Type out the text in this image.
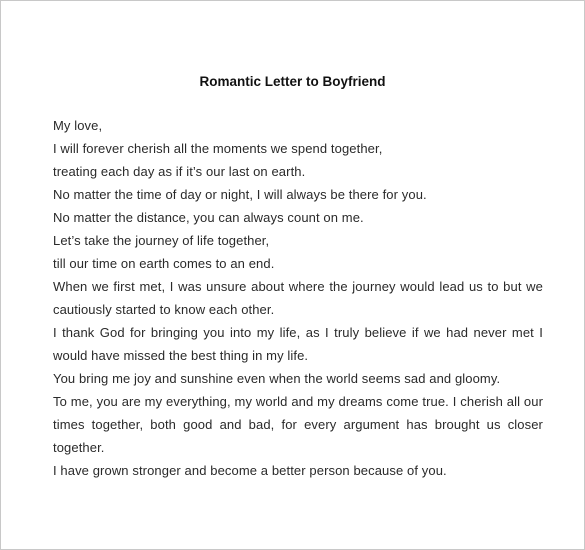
Romantic Letter to Boyfriend
My love,
I will forever cherish all the moments we spend together,
treating each day as if it’s our last on earth.
No matter the time of day or night, I will always be there for you.
No matter the distance, you can always count on me.
Let’s take the journey of life together,
till our time on earth comes to an end.
When we first met, I was unsure about where the journey would lead us to but we cautiously started to know each other.
I thank God for bringing you into my life, as I truly believe if we had never met I would have missed the best thing in my life.
You bring me joy and sunshine even when the world seems sad and gloomy.
To me, you are my everything, my world and my dreams come true. I cherish all our times together, both good and bad, for every argument has brought us closer together.
I have grown stronger and become a better person because of you.
